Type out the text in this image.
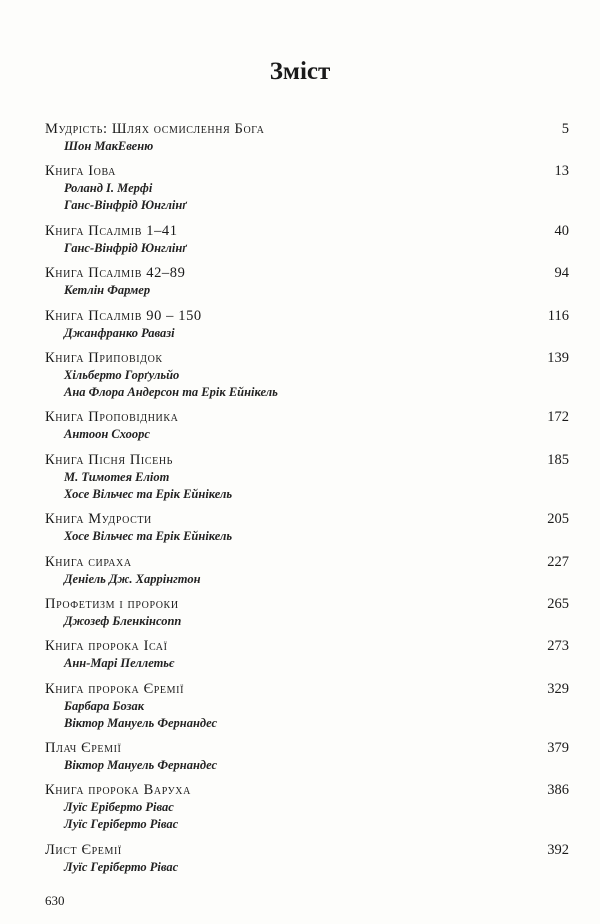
Зміст
Мудрість: Шлях осмислення Бога	5
Шон МакЕвеню
Книга Іова	13
Роланд І. Мерфі
Ганс-Вінфрід Юнглінґ
Книга Псалмів 1–41	40
Ганс-Вінфрід Юнглінґ
Книга Псалмів 42–89	94
Кетлін Фармер
Книга Псалмів 90 – 150	116
Джанфранко Равазі
Книга Приповідок	139
Хільберто Горґульйо
Ана Флора Андерсон та Ерік Ейнікель
Книга Проповідника	172
Антоон Схоорс
Книга Пісня Пісень	185
М. Тимотея Еліот
Хосе Вільчес та Ерік Ейнікель
Книга Мудрости	205
Хосе Вільчес та Ерік Ейнікель
Книга сираха	227
Деніель Дж. Харрінгтон
Профетизм і пророки	265
Джозеф Бленкінсопп
Книга пророка Ісаї	273
Анн-Марі Пеллетьє
Книга пророка Єремії	329
Барбара Бозак
Віктор Мануель Фернандес
Плач Єремії	379
Віктор Мануель Фернандес
Книга пророка Варуха	386
Луїс Еріберто Рівас
Луїс Геріберто Рівас
Лист Єремії	392
Луїс Геріберто Рівас
630
